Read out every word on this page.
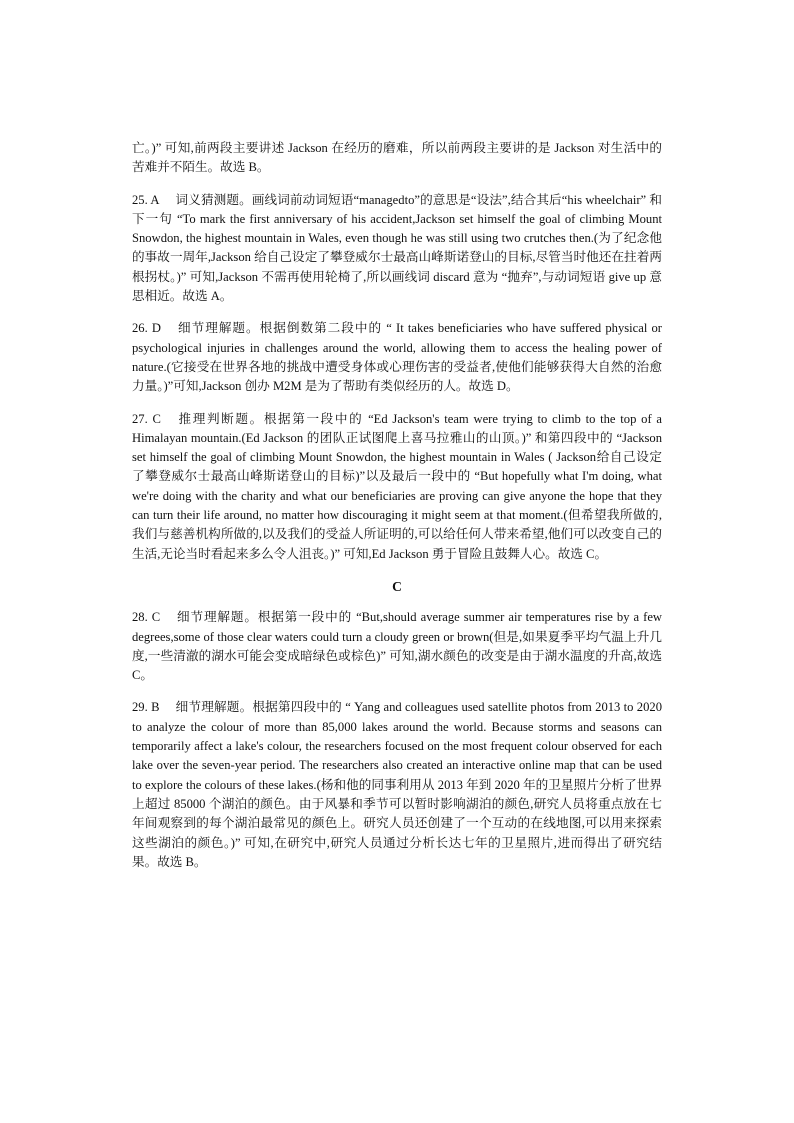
亡。)” 可知,前两段主要讲述 Jackson 在经历的磨难，所以前两段主要讲的是 Jackson 对生活中的苦难并不陌生。故选 B。

25. A 词义猜测题。画线词前动词短语“managedto”的意思是“设法”,结合其后“his wheelchair” 和下一句 “To mark the first anniversary of his accident,Jackson set himself the goal of climbing Mount Snowdon, the highest mountain in Wales, even though he was still using two crutches then.(为了纪念他的事故一周年,Jackson 给自己设定了攀登威尔士最高山峰斯诺登山的目标,尽管当时他还在拄着两根拐杖。)” 可知,Jackson 不需再使用轮椅了,所以画线词 discard 意为 “抛弃”,与动词短语 give up 意思相近。故选 A。

26. D 细节理解题。根据倒数第二段中的 “ It takes beneficiaries who have suffered physical or psychological injuries in challenges around the world, allowing them to access the healing power of nature.(它接受在世界各地的挑战中遭受身体或心理伤害的受益者,使他们能够获得大自然的治愈力量。)”可知,Jackson 创办 M2M 是为了帮助有类似经历的人。故选 D。

27. C 推理判断题。根据第一段中的 “Ed Jackson's team were trying to climb to the top of a Himalayan mountain.(Ed Jackson 的团队正试图爬上喜马拉雅山的山顶。)” 和第四段中的 “Jackson set himself the goal of climbing Mount Snowdon, the highest mountain in Wales ( Jackson给自己设定了攀登威尔士最高山峰斯诺登山的目标)”以及最后一段中的 “But hopefully what I'm doing, what we're doing with the charity and what our beneficiaries are proving can give anyone the hope that they can turn their life around, no matter how discouraging it might seem at that moment.(但希望我所做的,我们与慈善机构所做的,以及我们的受益人所证明的,可以给任何人带来希望,他们可以改变自己的生活,无论当时看起来多么令人沮丧。)” 可知,Ed Jackson 勇于冒险且鼓舞人心。故选 C。

C

28. C 细节理解题。根据第一段中的 “But,should average summer air temperatures rise by a few degrees,some of those clear waters could turn a cloudy green or brown(但是,如果夏季平均气温上升几度,一些清澈的湖水可能会变成暗绿色或棕色)” 可知,湖水颜色的改变是由于湖水温度的升高,故选 C。

29. B 细节理解题。根据第四段中的 “ Yang and colleagues used satellite photos from 2013 to 2020 to analyze the colour of more than 85,000 lakes around the world. Because storms and seasons can temporarily affect a lake's colour, the researchers focused on the most frequent colour observed for each lake over the seven-year period. The researchers also created an interactive online map that can be used to explore the colours of these lakes.(杨和他的同事利用从 2013 年到 2020 年的卫星照片分析了世界上超过 85000 个湖泊的颜色。由于风暴和季节可以暂时影响湖泊的颜色,研究人员将重点放在七年间观察到的每个湖泊最常见的颜色上。研究人员还创建了一个互动的在线地图,可以用来探索这些湖泊的颜色。)” 可知,在研究中,研究人员通过分析长达七年的卫星照片,进而得出了研究结果。故选 B。
